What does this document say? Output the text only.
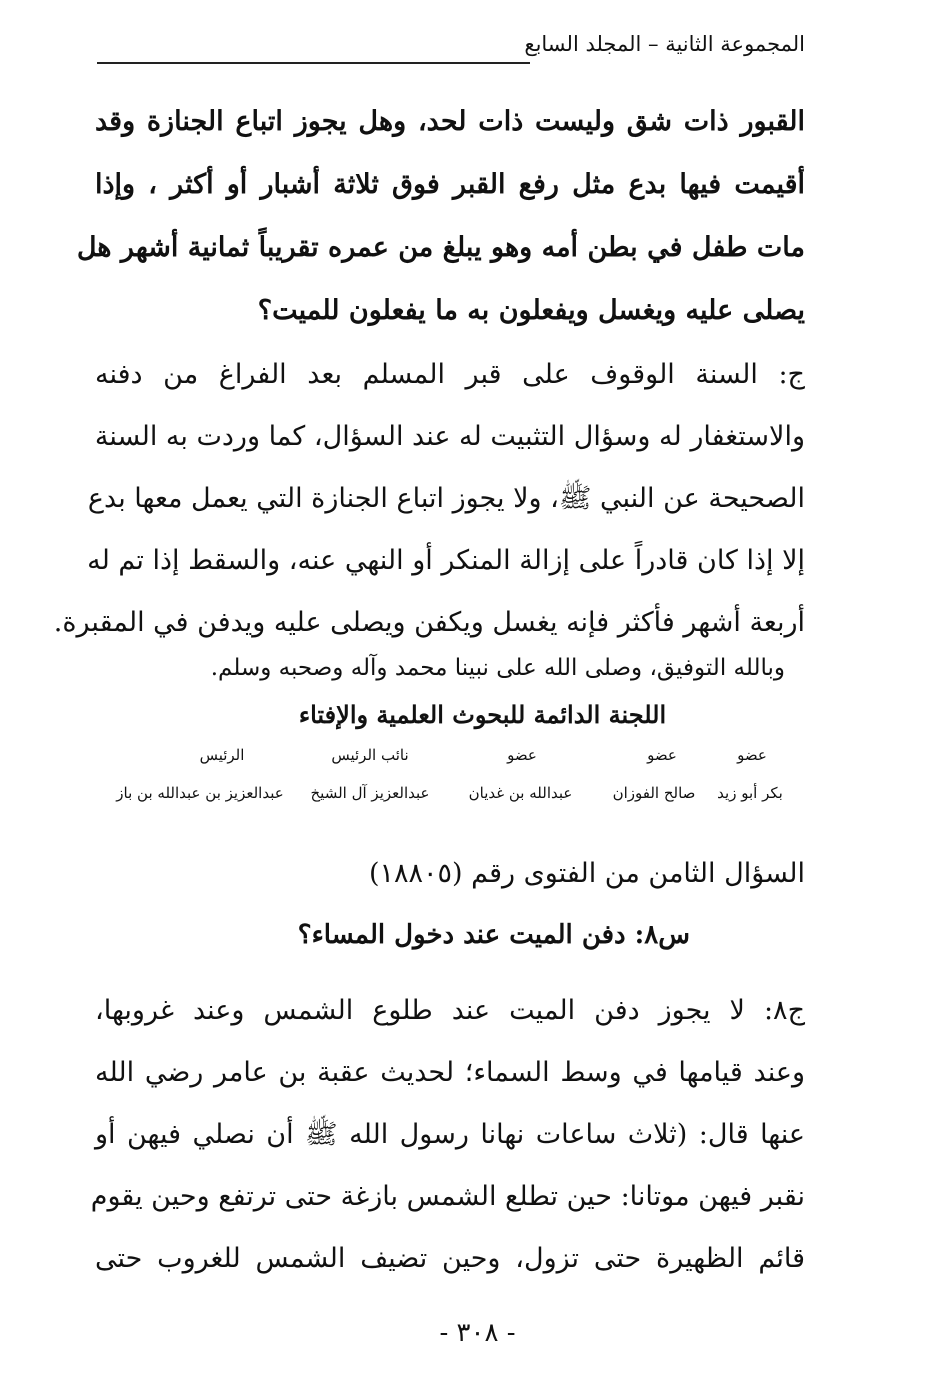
المجموعة الثانية – المجلد السابع
القبور ذات شق وليست ذات لحد، وهل يجوز اتباع الجنازة وقد
أقيمت فيها بدع مثل رفع القبر فوق ثلاثة أشبار أو أكثر ، وإذا
مات طفل في بطن أمه وهو يبلغ من عمره تقريباً ثمانية أشهر هل
يصلى عليه ويغسل ويفعلون به ما يفعلون للميت؟
ج: السنة الوقوف على قبر المسلم بعد الفراغ من دفنه
والاستغفار له وسؤال التثبيت له عند السؤال، كما وردت به السنة
الصحيحة عن النبي ﷺ، ولا يجوز اتباع الجنازة التي يعمل معها بدع
إلا إذا كان قادراً على إزالة المنكر أو النهي عنه، والسقط إذا تم له
أربعة أشهر فأكثر فإنه يغسل ويكفن ويصلى عليه ويدفن في المقبرة.
وبالله التوفيق، وصلى الله على نبينا محمد وآله وصحبه وسلم.
اللجنة الدائمة للبحوث العلمية والإفتاء
الرئيس	نائب الرئيس	عضو	عضو	عضو
عبدالعزيز بن عبدالله بن باز	عبدالعزيز آل الشيخ	عبدالله بن غديان	صالح الفوزان	بكر أبو زيد
السؤال الثامن من الفتوى رقم (١٨٨٠٥)
س٨: دفن الميت عند دخول المساء؟
ج٨: لا يجوز دفن الميت عند طلوع الشمس وعند غروبها،
وعند قيامها في وسط السماء؛ لحديث عقبة بن عامر رضي الله
عنها قال: (ثلاث ساعات نهانا رسول الله ﷺ أن نصلي فيهن أو
نقبر فيهن موتانا: حين تطلع الشمس بازغة حتى ترتفع وحين يقوم
قائم الظهيرة حتى تزول، وحين تضيف الشمس للغروب حتى
- ٣٠٨ -
